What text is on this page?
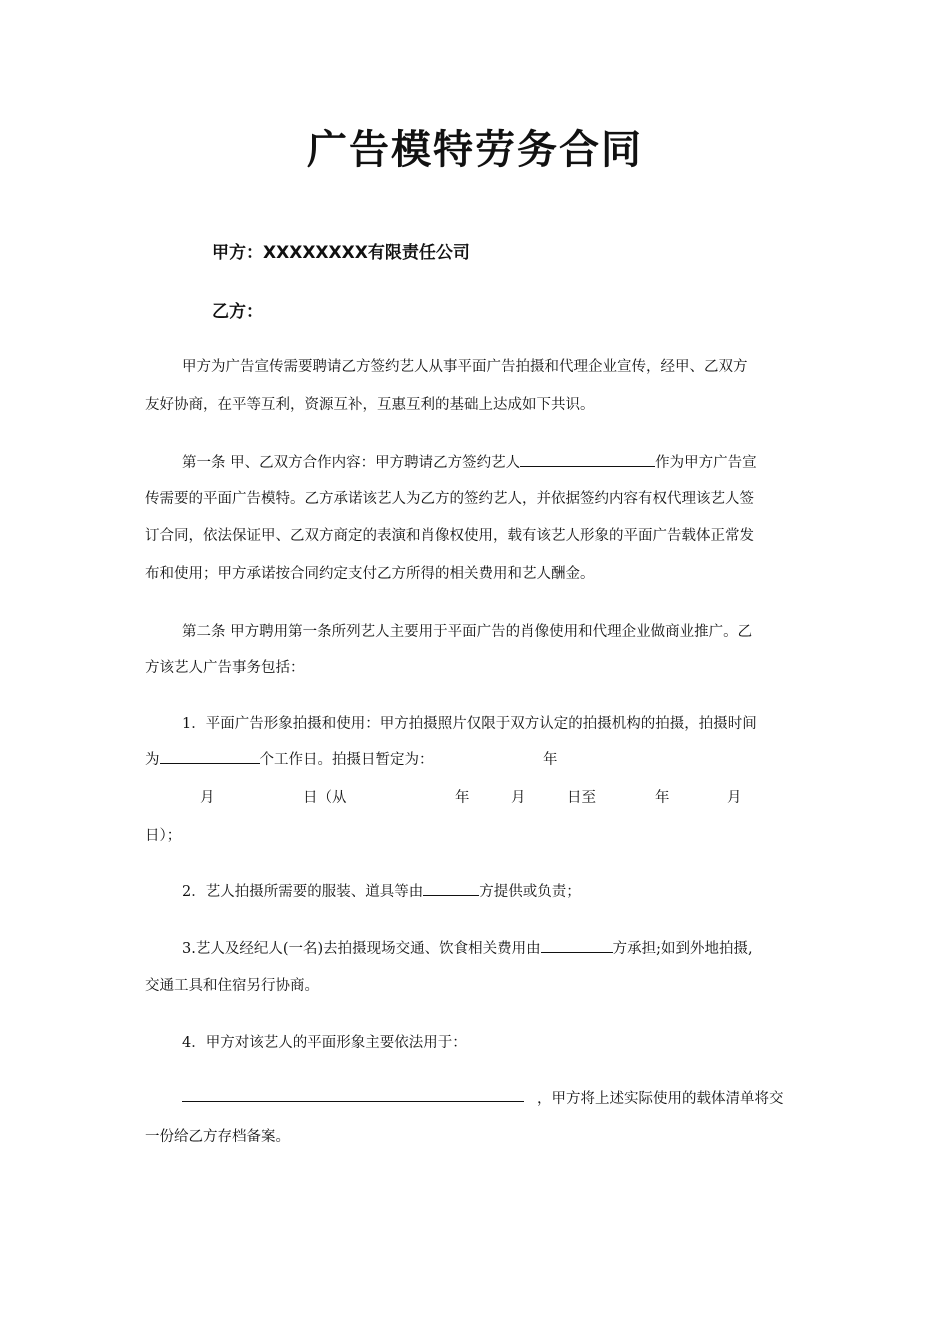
广告模特劳务合同
甲方：XXXXXXXX有限责任公司
乙方：
甲方为广告宣传需要聘请乙方签约艺人从事平面广告拍摄和代理企业宣传，经甲、乙双方
友好协商，在平等互利，资源互补，互惠互利的基础上达成如下共识。
第一条 甲、乙双方合作内容：甲方聘请乙方签约艺人	作为甲方广告宣
传需要的平面广告模特。乙方承诺该艺人为乙方的签约艺人，并依据签约内容有权代理该艺人签
订合同，依法保证甲、乙双方商定的表演和肖像权使用，载有该艺人形象的平面广告载体正常发
布和使用；甲方承诺按合同约定支付乙方所得的相关费用和艺人酬金。
第二条 甲方聘用第一条所列艺人主要用于平面广告的肖像使用和代理企业做商业推广。乙
方该艺人广告事务包括：
1．平面广告形象拍摄和使用：甲方拍摄照片仅限于双方认定的拍摄机构的拍摄，拍摄时间
为	个工作日。拍摄日暂定为：	年
月	日（从	年	月	日至	年	月
日）；
2．艺人拍摄所需要的服装、道具等由	方提供或负责；
3.艺人及经纪人(一名)去拍摄现场交通、饮食相关费用由	方承担;如到外地拍摄,
交通工具和住宿另行协商。
4．甲方对该艺人的平面形象主要依法用于：
，甲方将上述实际使用的载体清单将交
一份给乙方存档备案。
